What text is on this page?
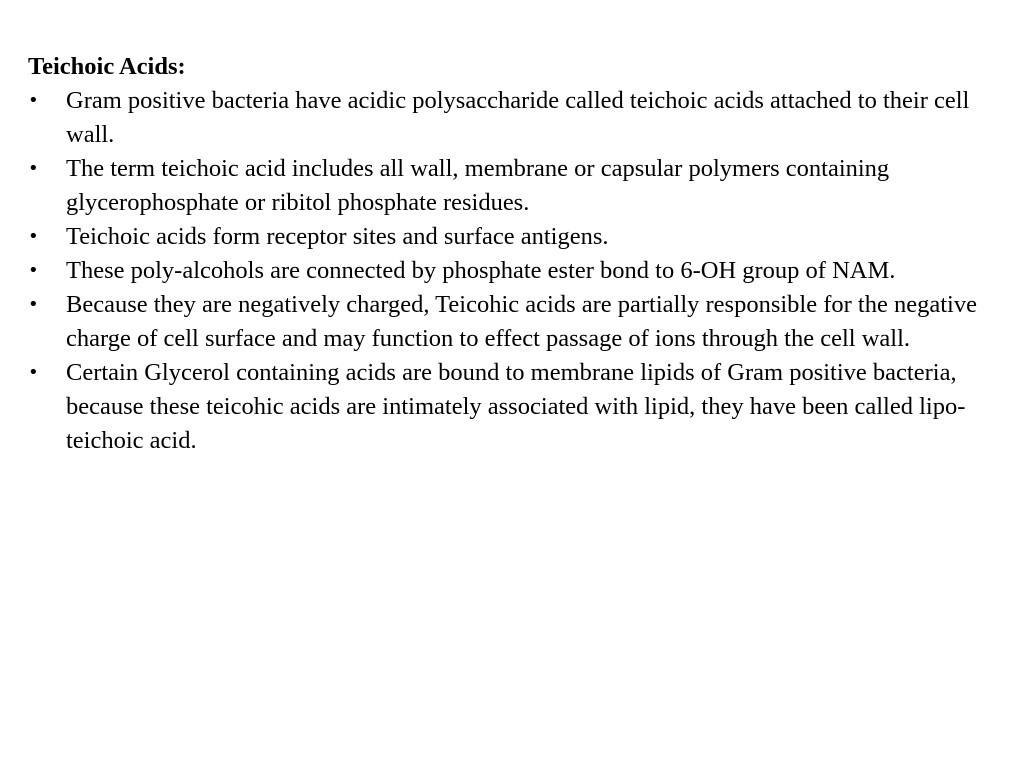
Teichoic Acids:

•	Gram positive bacteria have acidic polysaccharide called teichoic acids attached to their cell wall.
•	The term teichoic acid includes all wall, membrane or capsular polymers containing glycerophosphate or ribitol phosphate residues.
•	Teichoic acids form receptor sites and surface antigens.
•	These poly-alcohols are connected by phosphate ester bond to 6-OH group of NAM.
•	Because they are negatively charged, Teicohic acids are partially responsible for the negative charge of cell surface and may function to effect passage of ions through the cell wall.
•	Certain Glycerol containing acids are bound to membrane lipids of Gram positive bacteria, because these teicohic acids are intimately associated with lipid, they have been called lipo-teichoic acid.
